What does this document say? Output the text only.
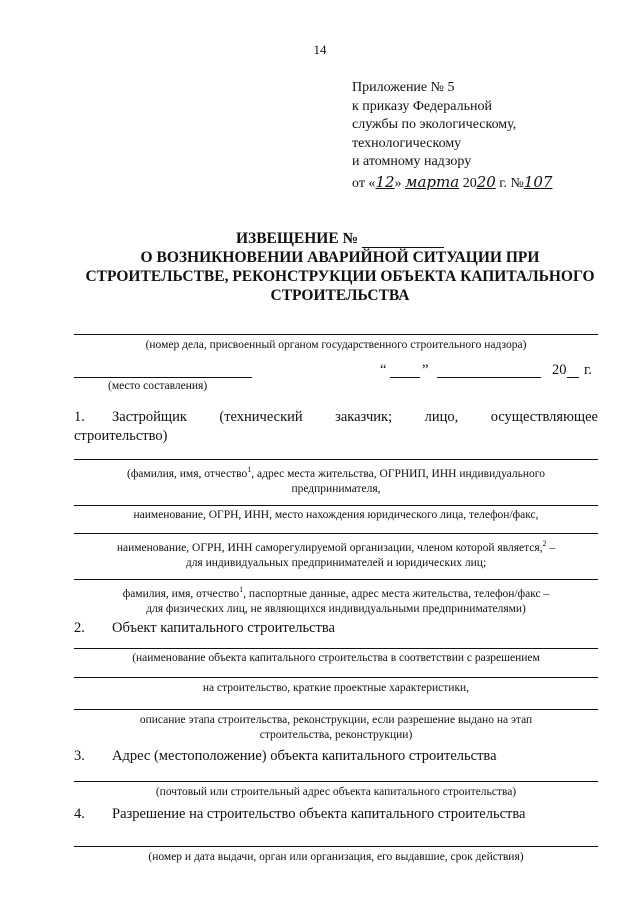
14
Приложение № 5
к приказу Федеральной
службы по экологическому,
технологическому
и атомному надзору
от «12» марта 2020 г. №107
ИЗВЕЩЕНИЕ №
О ВОЗНИКНОВЕНИИ АВАРИЙНОЙ СИТУАЦИИ ПРИ
СТРОИТЕЛЬСТВЕ, РЕКОНСТРУКЦИИ ОБЪЕКТА КАПИТАЛЬНОГО
СТРОИТЕЛЬСТВА
(номер дела, присвоенный органом государственного строительного надзора)
(место составления)
“ ”	20 г.
1. Застройщик (технический заказчик; лицо, осуществляющее
строительство)
(фамилия, имя, отчество$^1$, адрес места жительства, ОГРНИП, ИНН индивидуального
предпринимателя,
наименование, ОГРН, ИНН, место нахождения юридического лица, телефон/факс,
наименование, ОГРН, ИНН саморегулируемой организации, членом которой является,$^2$ –
для индивидуальных предпринимателей и юридических лиц;
фамилия, имя, отчество$^1$, паспортные данные, адрес места жительства, телефон/факс –
для физических лиц, не являющихся индивидуальными предпринимателями)
2. Объект капитального строительства
(наименование объекта капитального строительства в соответствии с разрешением
на строительство, краткие проектные характеристики,
описание этапа строительства, реконструкции, если разрешение выдано на этап
строительства, реконструкции)
3. Адрес (местоположение) объекта капитального строительства
(почтовый или строительный адрес объекта капитального строительства)
4. Разрешение на строительство объекта капитального строительства
(номер и дата выдачи, орган или организация, его выдавшие, срок действия)
